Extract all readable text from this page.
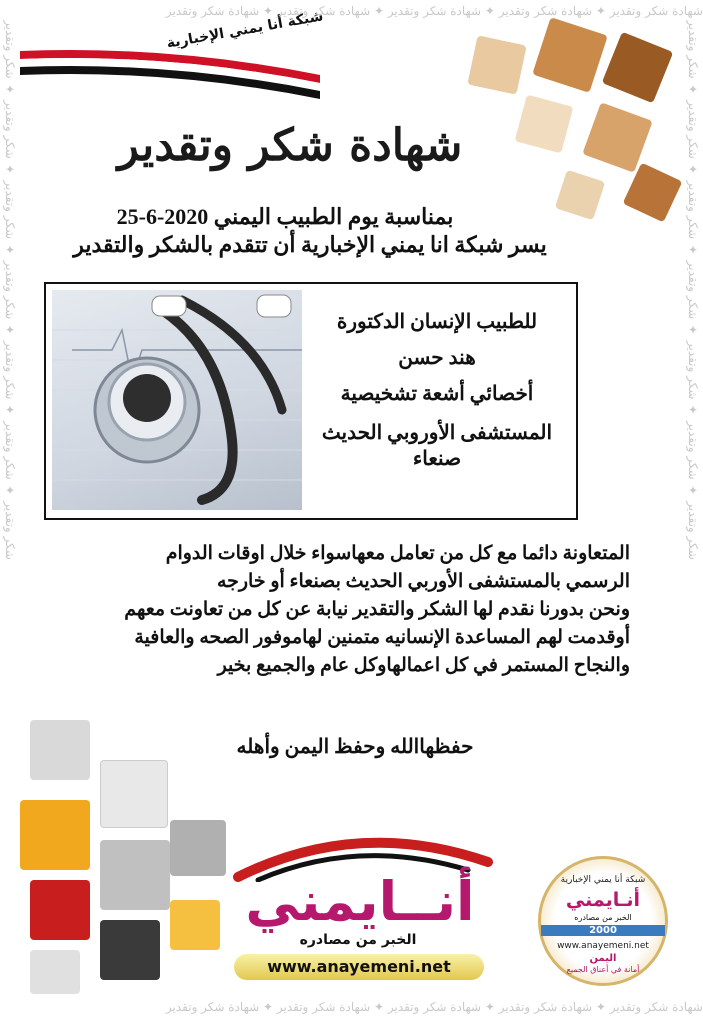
شهادة شكر وتقدير ✦ شهادة شكر وتقدير ✦ شهادة شكر وتقدير ✦ شهادة شكر وتقدير ✦ شهادة شكر وتقدير
شهادة شكر وتقدير ✦ شهادة شكر وتقدير ✦ شهادة شكر وتقدير ✦ شهادة شكر وتقدير ✦ شهادة شكر وتقدير
شكر وتقدير ✦ شكر وتقدير ✦ شكر وتقدير ✦ شكر وتقدير ✦ شكر وتقدير ✦ شكر وتقدير ✦ شكر وتقدير	شكر وتقدير ✦ شكر وتقدير ✦ شكر وتقدير ✦ شكر وتقدير ✦ شكر وتقدير ✦ شكر وتقدير ✦ شكر وتقدير
شبكة أنا يمني الإخبارية
شهادة شكر وتقدير
بمناسبة يوم الطبيب اليمني 2020-6-25
يسر شبكة انا يمني الإخبارية أن تتقدم بالشكر والتقدير
للطبيب الإنسان الدكتورة
هند حسن
أخصائي أشعة تشخيصية
المستشفى الأوروبي الحديث
صنعاء
المتعاونة دائما مع كل من تعامل معهاسواء خلال اوقات الدوام
الرسمي بالمستشفى الأوربي الحديث بصنعاء أو خارجه
ونحن بدورنا نقدم لها الشكر والتقدير نيابة عن كل من تعاونت معهم
أوقدمت لهم المساعدة الإنسانيه متمنين لهاموفور الصحه والعافية
والنجاح المستمر في كل اعمالهاوكل عام والجميع بخير
حفظهاالله وحفظ اليمن وأهله
أنــايمني
الخبر من مصادره
www.anayemeni.net
شبكة أنا يمني الإخبارية
أنـايمني
الخبر من مصادره
2000
www.anayemeni.net
اليمن
أمانة في أعناق الجميع
